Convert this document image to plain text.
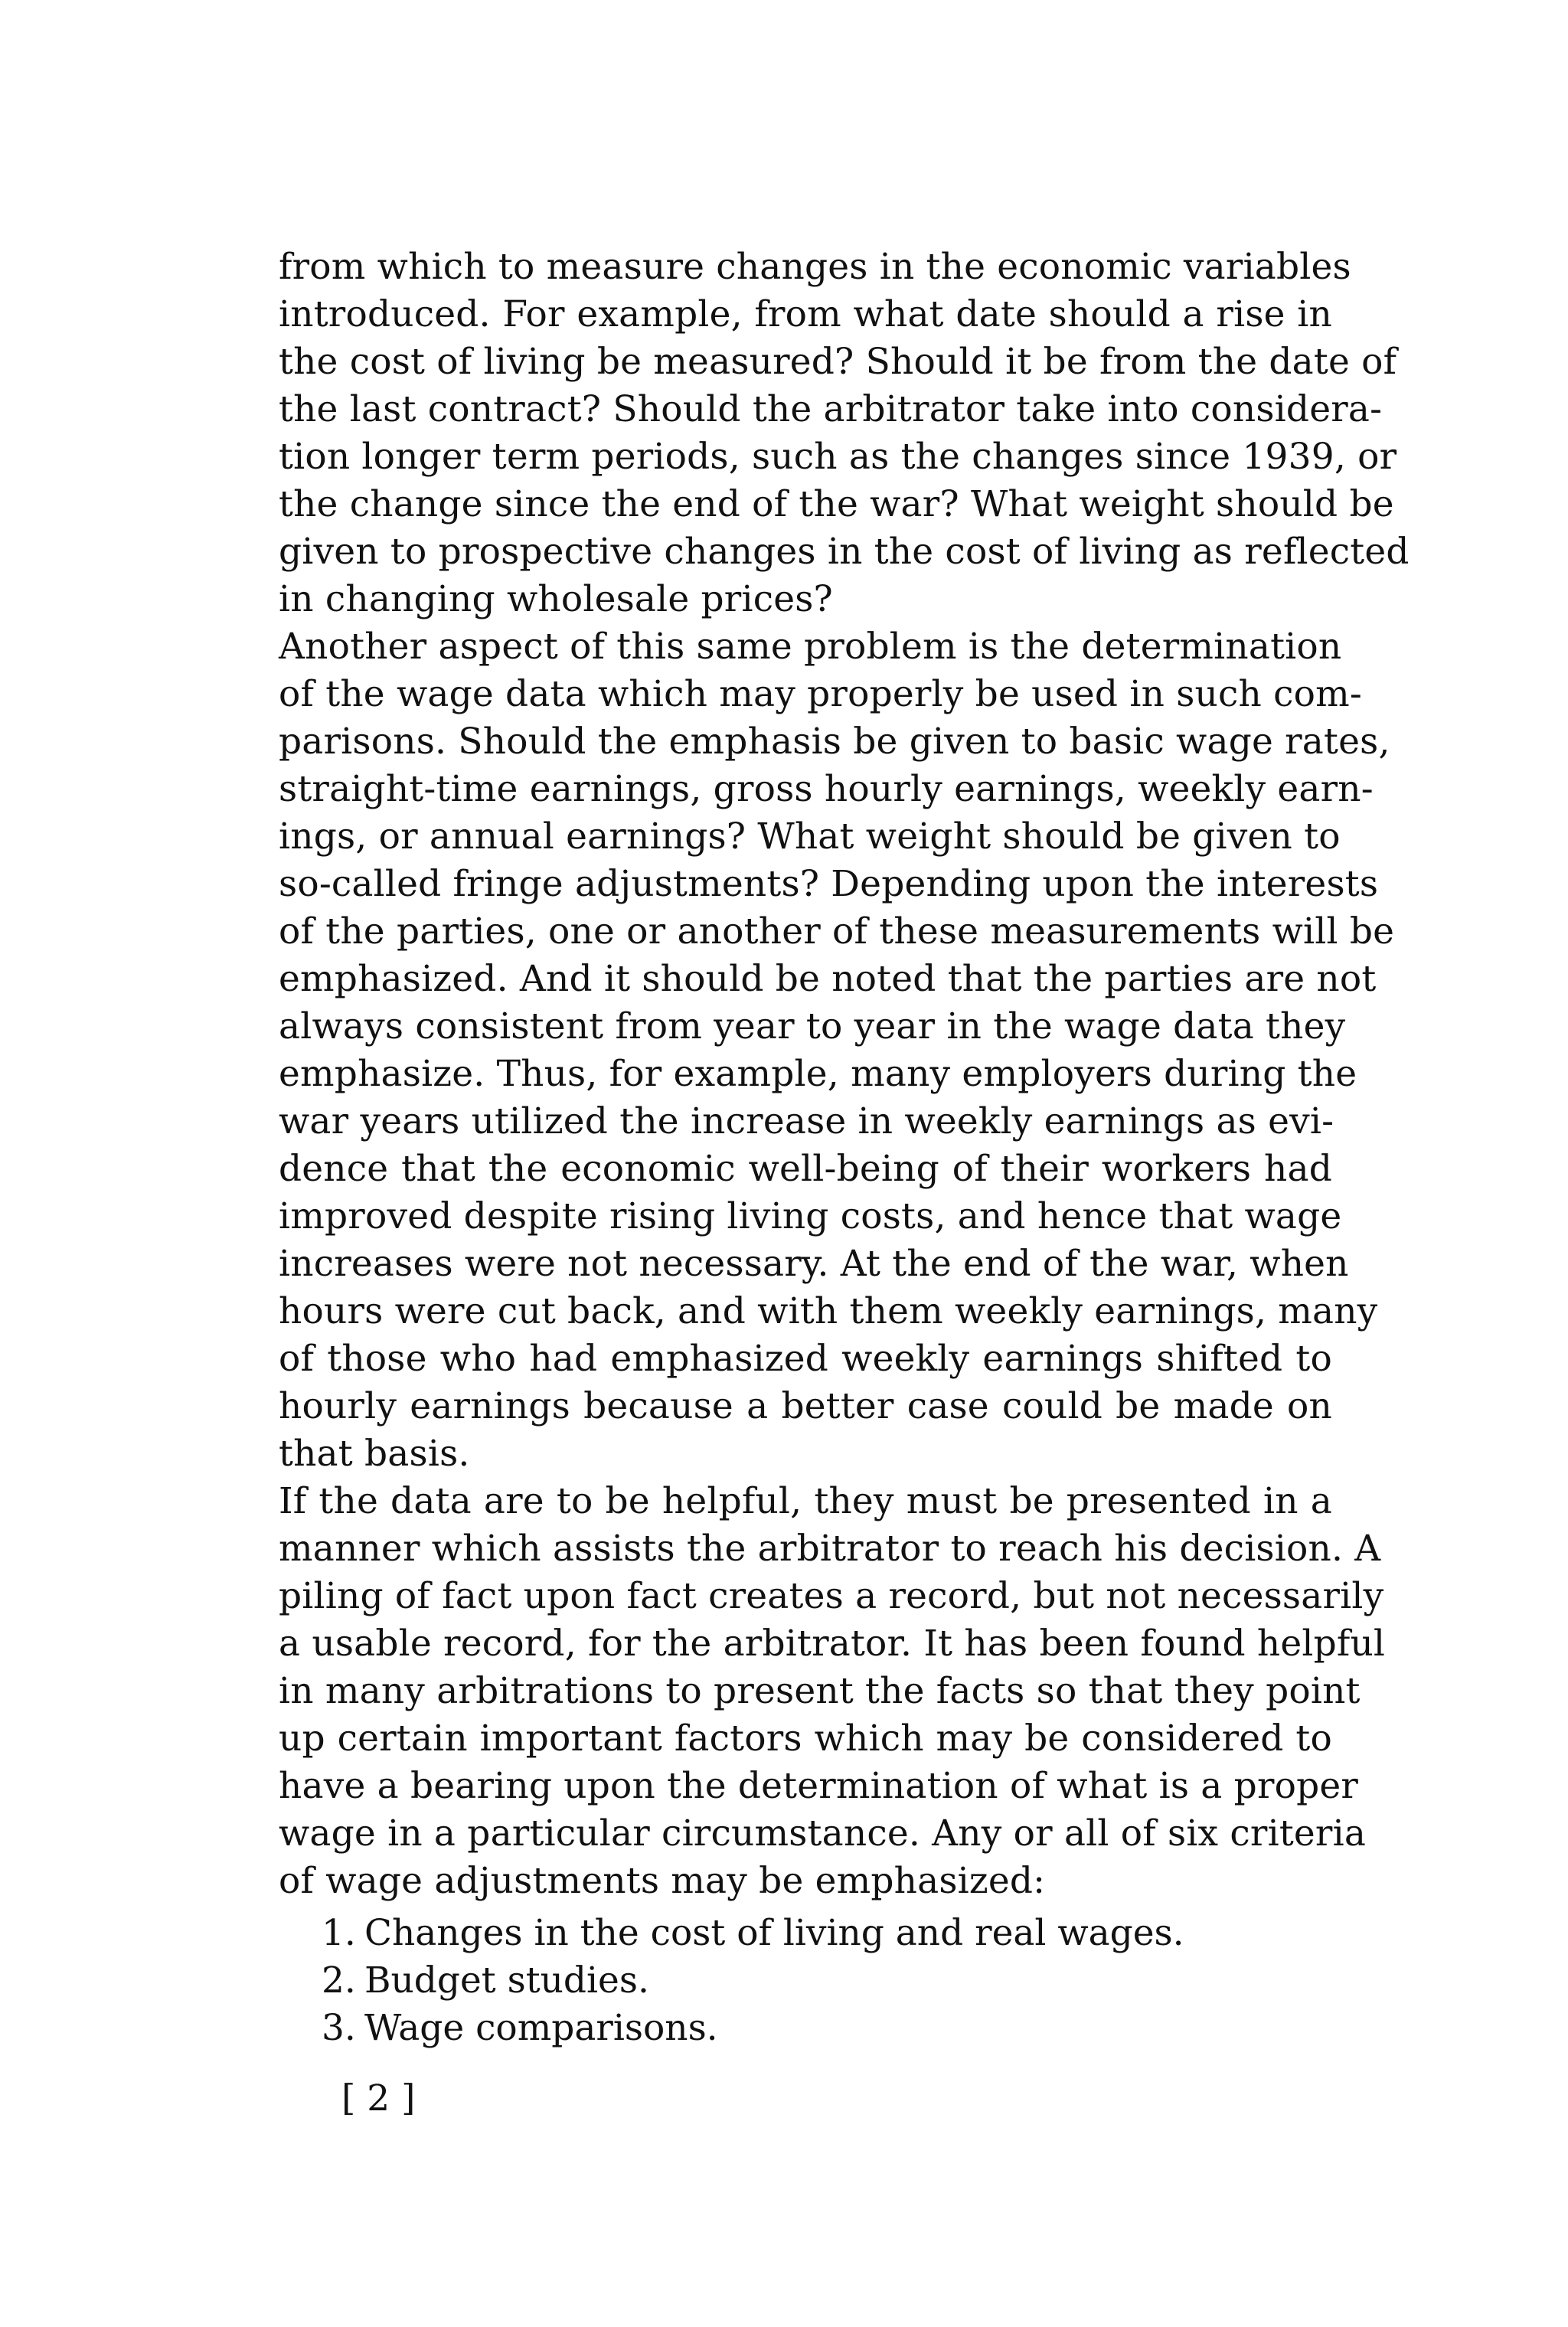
from which to measure changes in the economic variables
introduced. For example, from what date should a rise in
the cost of living be measured? Should it be from the date of
the last contract? Should the arbitrator take into considera-
tion longer term periods, such as the changes since 1939, or
the change since the end of the war? What weight should be
given to prospective changes in the cost of living as reflected
in changing wholesale prices?
Another aspect of this same problem is the determination
of the wage data which may properly be used in such com-
parisons. Should the emphasis be given to basic wage rates,
straight-time earnings, gross hourly earnings, weekly earn-
ings, or annual earnings? What weight should be given to
so-called fringe adjustments? Depending upon the interests
of the parties, one or another of these measurements will be
emphasized. And it should be noted that the parties are not
always consistent from year to year in the wage data they
emphasize. Thus, for example, many employers during the
war years utilized the increase in weekly earnings as evi-
dence that the economic well-being of their workers had
improved despite rising living costs, and hence that wage
increases were not necessary. At the end of the war, when
hours were cut back, and with them weekly earnings, many
of those who had emphasized weekly earnings shifted to
hourly earnings because a better case could be made on
that basis.
If the data are to be helpful, they must be presented in a
manner which assists the arbitrator to reach his decision. A
piling of fact upon fact creates a record, but not necessarily
a usable record, for the arbitrator. It has been found helpful
in many arbitrations to present the facts so that they point
up certain important factors which may be considered to
have a bearing upon the determination of what is a proper
wage in a particular circumstance. Any or all of six criteria
of wage adjustments may be emphasized:
1. Changes in the cost of living and real wages.
2. Budget studies.
3. Wage comparisons.
[ 2 ]
